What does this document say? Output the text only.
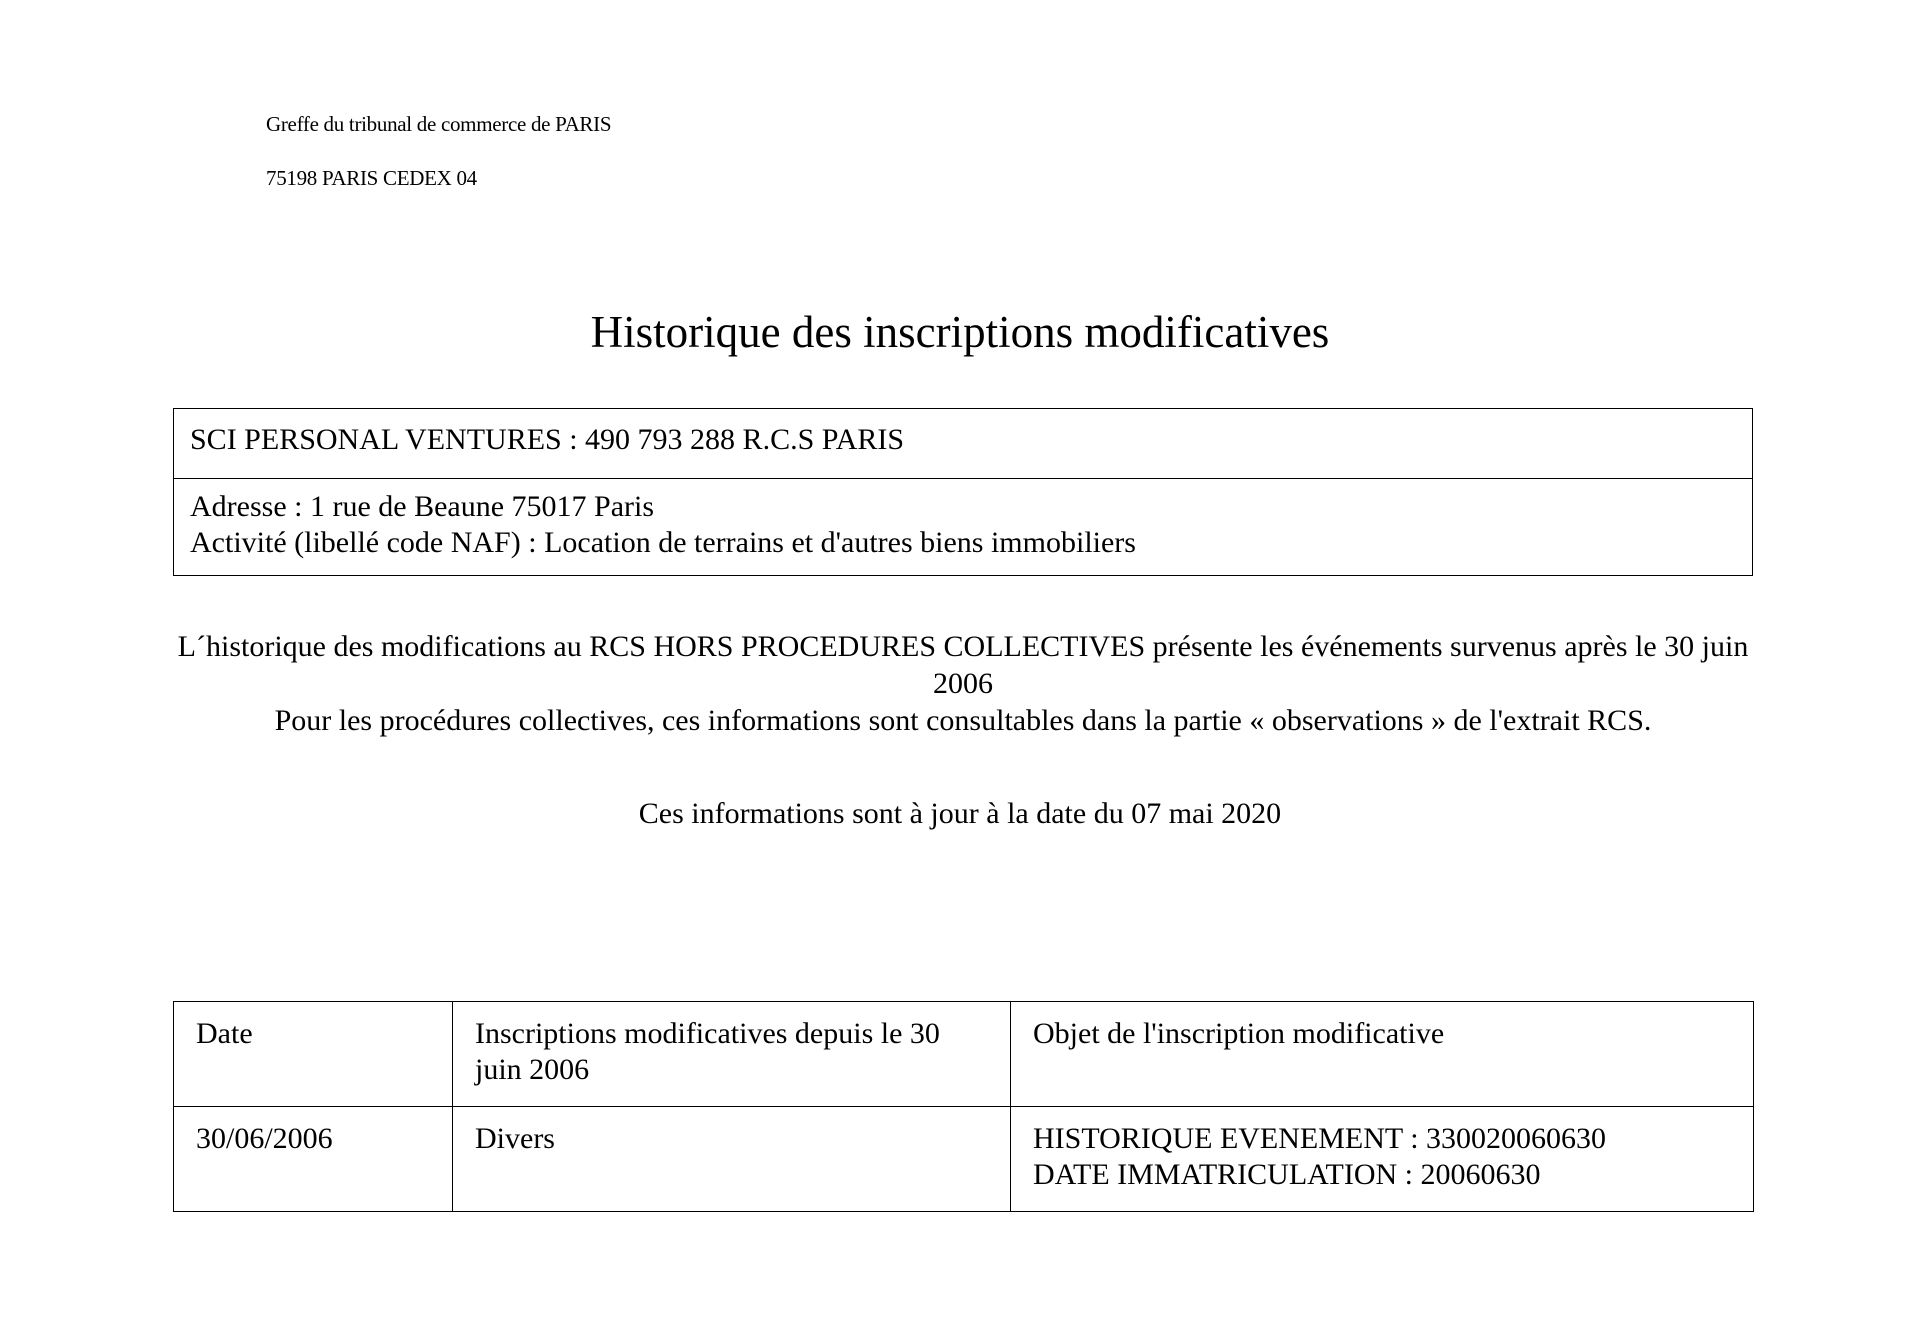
Greffe du tribunal de commerce de PARIS
75198 PARIS CEDEX 04
Historique des inscriptions modificatives
SCI PERSONAL VENTURES : 490 793 288 R.C.S PARIS
Adresse : 1 rue de Beaune 75017 Paris
Activité (libellé code NAF) : Location de terrains et d'autres biens immobiliers
L´historique des modifications au RCS HORS PROCEDURES COLLECTIVES présente les événements survenus après le 30 juin 2006
Pour les procédures collectives, ces informations sont consultables dans la partie « observations » de l'extrait RCS.
Ces informations sont à jour à la date du 07 mai 2020
Date	Inscriptions modificatives depuis le 30 juin 2006	Objet de l'inscription modificative
30/06/2006	Divers	HISTORIQUE EVENEMENT : 330020060630
DATE IMMATRICULATION : 20060630
